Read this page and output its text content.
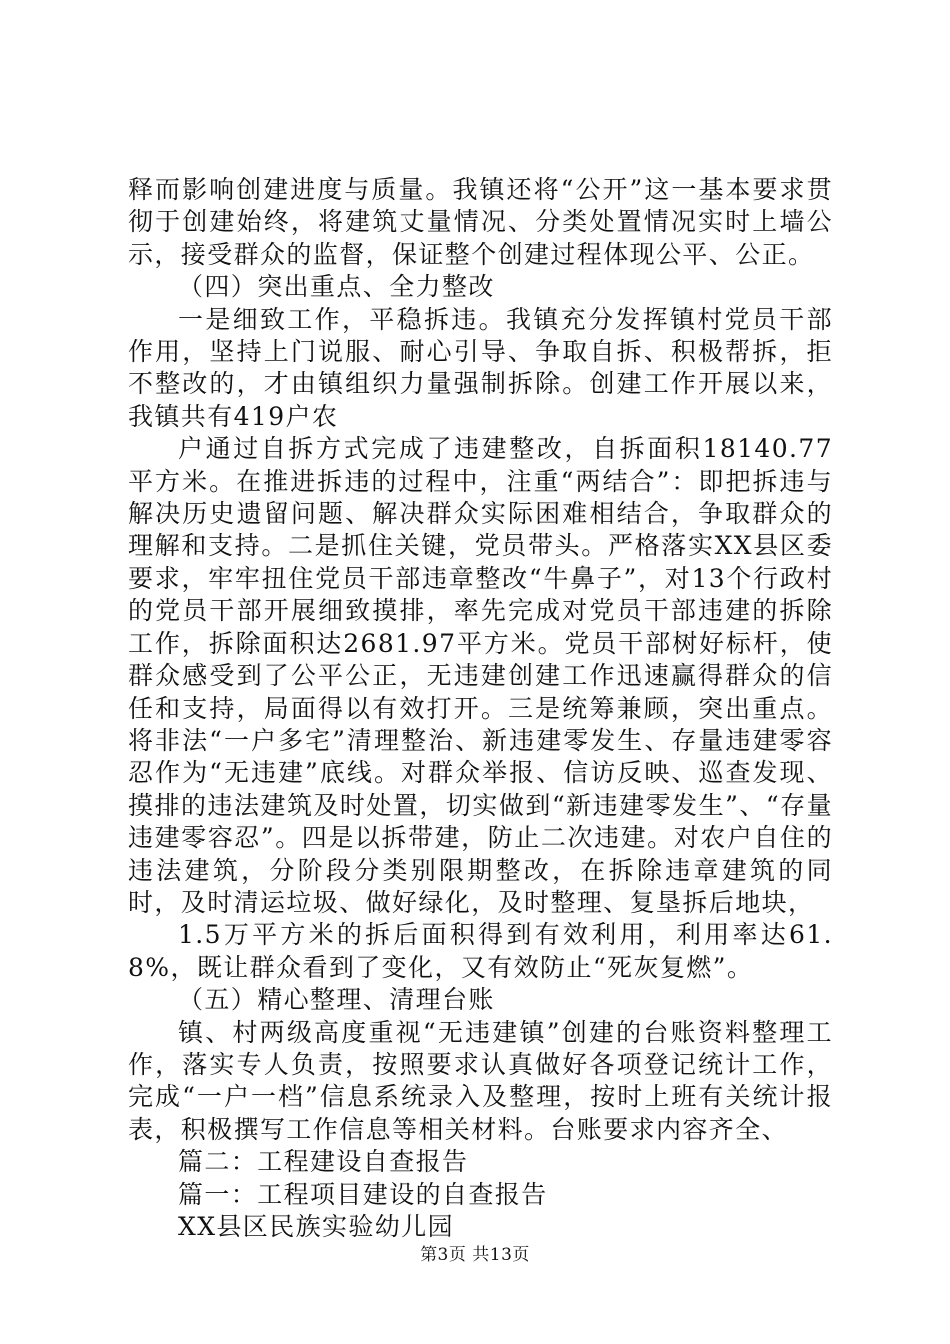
释而影响创建进度与质量。我镇还将“公开”这一基本要求贯彻于创建始终，将建筑丈量情况、分类处置情况实时上墙公示，接受群众的监督，保证整个创建过程体现公平、公正。

（四）突出重点、全力整改

一是细致工作，平稳拆违。我镇充分发挥镇村党员干部作用，坚持上门说服、耐心引导、争取自拆、积极帮拆，拒不整改的，才由镇组织力量强制拆除。创建工作开展以来，我镇共有419户农

户通过自拆方式完成了违建整改，自拆面积18140.77平方米。在推进拆违的过程中，注重“两结合”：即把拆违与解决历史遗留问题、解决群众实际困难相结合，争取群众的理解和支持。二是抓住关键，党员带头。严格落实XX县区委要求，牢牢扭住党员干部违章整改“牛鼻子”，对13个行政村的党员干部开展细致摸排，率先完成对党员干部违建的拆除工作，拆除面积达2681.97平方米。党员干部树好标杆，使群众感受到了公平公正，无违建创建工作迅速赢得群众的信任和支持，局面得以有效打开。三是统筹兼顾，突出重点。将非法“一户多宅”清理整治、新违建零发生、存量违建零容忍作为“无违建”底线。对群众举报、信访反映、巡查发现、摸排的违法建筑及时处置，切实做到“新违建零发生”、“存量违建零容忍”。四是以拆带建，防止二次违建。对农户自住的违法建筑，分阶段分类别限期整改，在拆除违章建筑的同时，及时清运垃圾、做好绿化，及时整理、复垦拆后地块，

1.5万平方米的拆后面积得到有效利用，利用率达61.8%，既让群众看到了变化，又有效防止“死灰复燃”。

（五）精心整理、清理台账

镇、村两级高度重视“无违建镇”创建的台账资料整理工作，落实专人负责，按照要求认真做好各项登记统计工作，完成“一户一档”信息系统录入及整理，按时上班有关统计报表，积极撰写工作信息等相关材料。台账要求内容齐全、

篇二：工程建设自查报告

篇一：工程项目建设的自查报告

XX县区民族实验幼儿园

第3页 共13页
